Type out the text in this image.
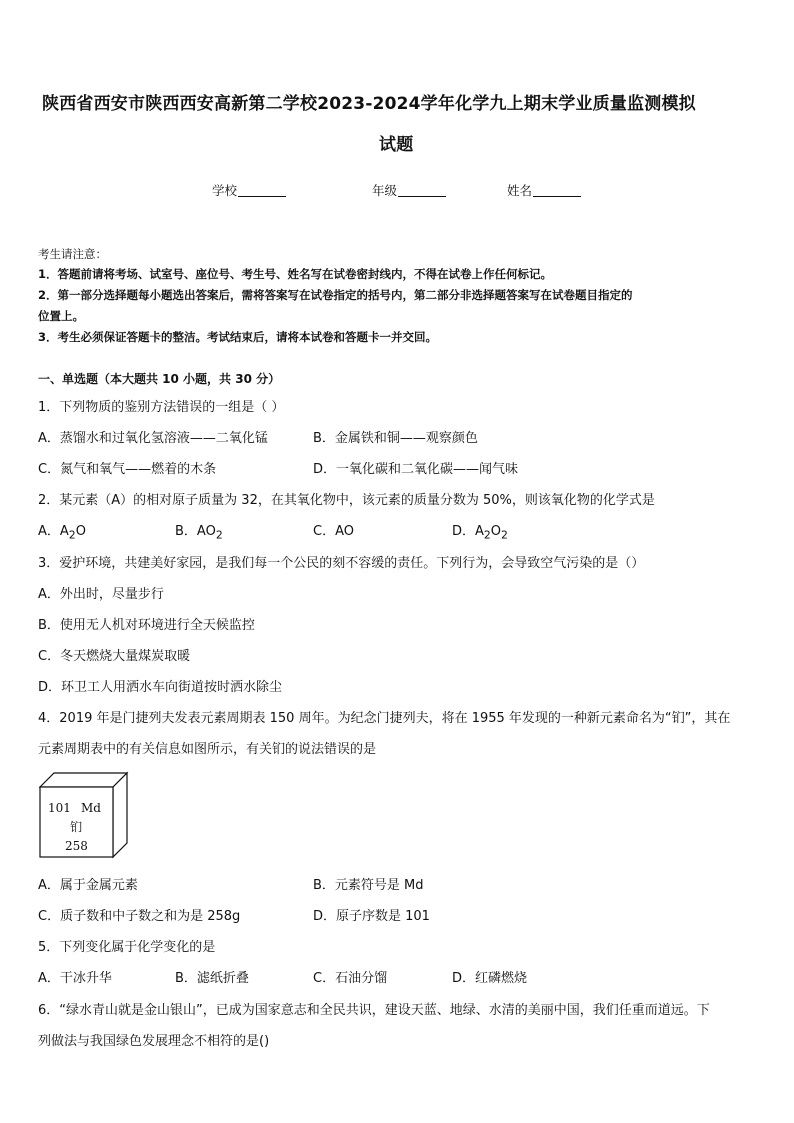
陕西省西安市陕西西安高新第二学校2023-2024学年化学九上期末学业质量监测模拟
试题
学校	年级	姓名
考生请注意：
1．答题前请将考场、试室号、座位号、考生号、姓名写在试卷密封线内，不得在试卷上作任何标记。
2．第一部分选择题每小题选出答案后，需将答案写在试卷指定的括号内，第二部分非选择题答案写在试卷题目指定的
位置上。
3．考生必须保证答题卡的整洁。考试结束后，请将本试卷和答题卡一并交回。
一、单选题（本大题共 10 小题，共 30 分）
1．下列物质的鉴别方法错误的一组是（ ）
A．蒸馏水和过氧化氢溶液——二氧化锰	B．金属铁和铜——观察颜色
C．氮气和氧气——燃着的木条	D．一氧化碳和二氧化碳——闻气味
2．某元素（A）的相对原子质量为 32，在其氧化物中，该元素的质量分数为 50%，则该氧化物的化学式是
A．$A_2O$	B．$AO_2$	C．AO	D．$A_2O_2$
3．爱护环境，共建美好家园，是我们每一个公民的刻不容缓的责任。下列行为，会导致空气污染的是（）
A．外出时，尽量步行
B．使用无人机对环境进行全天候监控
C．冬天燃烧大量煤炭取暖
D．环卫工人用洒水车向街道按时洒水除尘
4．2019 年是门捷列夫发表元素周期表 150 周年。为纪念门捷列夫，将在 1955 年发现的一种新元素命名为“钔”，其在
元素周期表中的有关信息如图所示，有关钔的说法错误的是
101 Md
钔
258
A．属于金属元素	B．元素符号是 Md
C．质子数和中子数之和为是 258g	D．原子序数是 101
5．下列变化属于化学变化的是
A．干冰升华	B．滤纸折叠	C．石油分馏	D．红磷燃烧
6．“绿水青山就是金山银山”，已成为国家意志和全民共识，建设天蓝、地绿、水清的美丽中国，我们任重而道远。下
列做法与我国绿色发展理念不相符的是()
